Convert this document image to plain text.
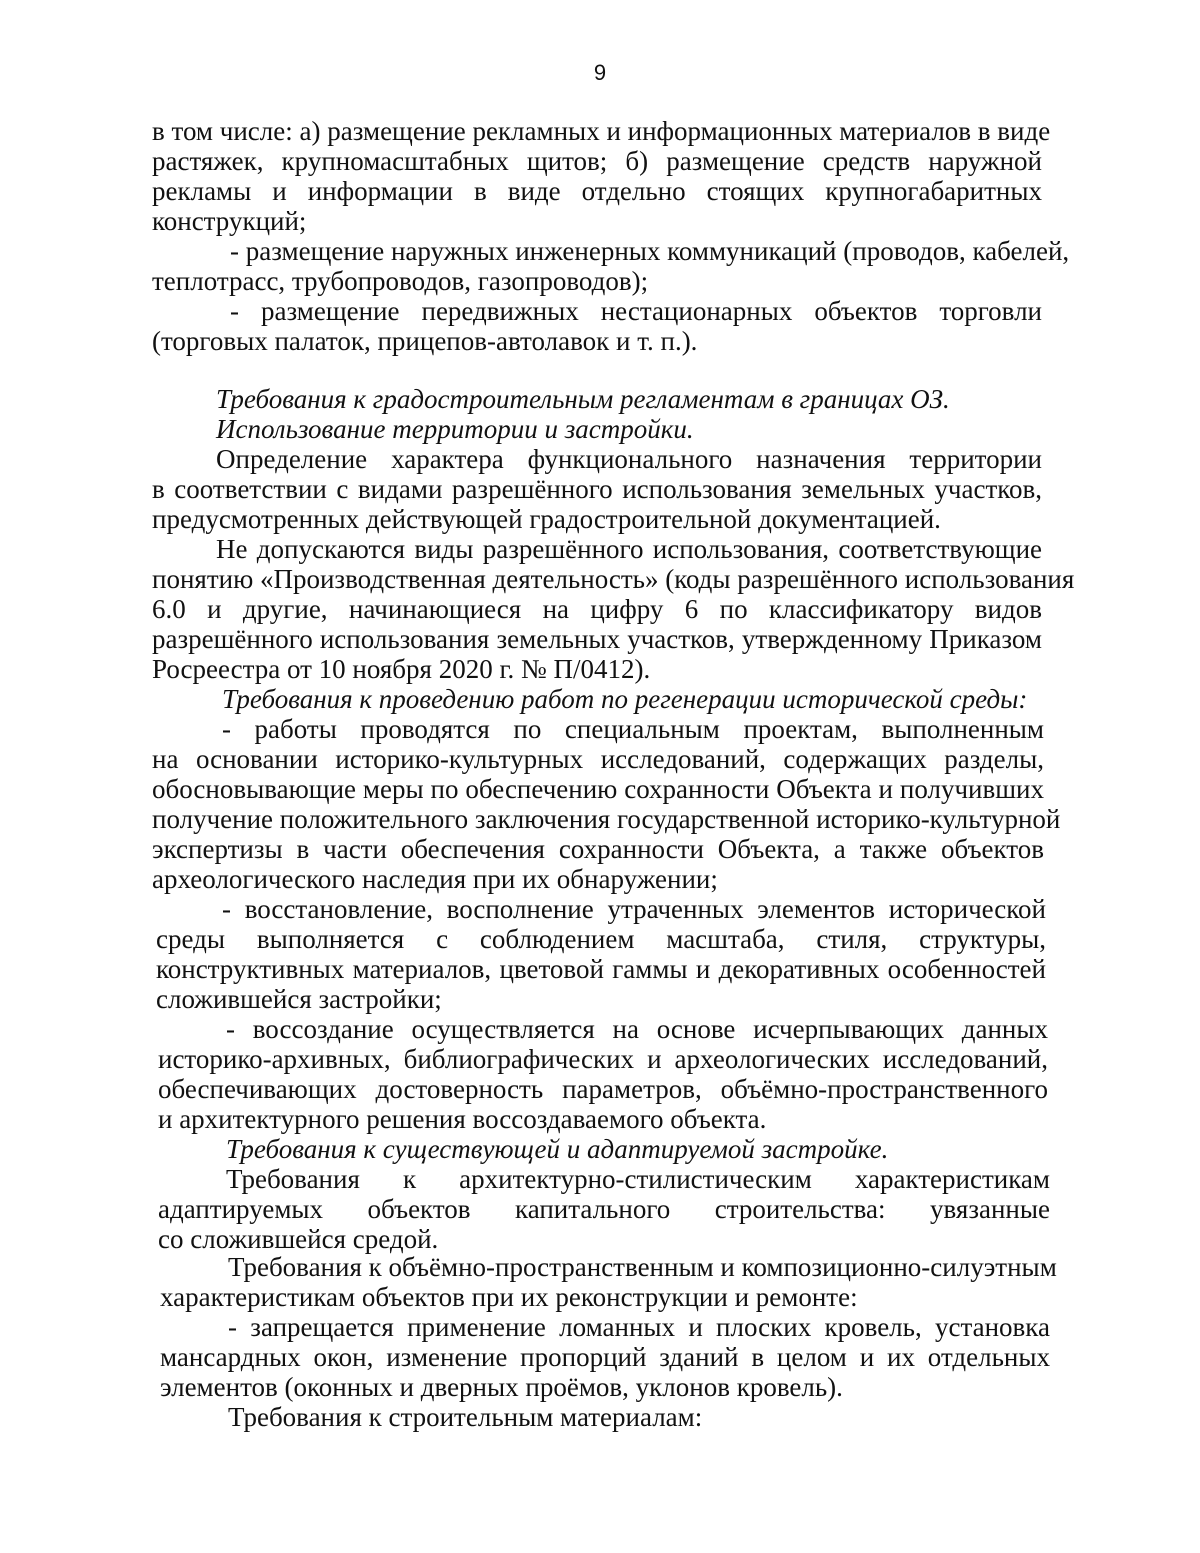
9
в том числе: а) размещение рекламных и информационных материалов в виде
растяжек, крупномасштабных щитов; б) размещение средств наружной
рекламы и информации в виде отдельно стоящих крупногабаритных
конструкций;
- размещение наружных инженерных коммуникаций (проводов, кабелей,
теплотрасс, трубопроводов, газопроводов);
- размещение передвижных нестационарных объектов торговли
(торговых палаток, прицепов-автолавок и т. п.).
Требования к градостроительным регламентам в границах ОЗ.
Использование территории и застройки.
Определение характера функционального назначения территории
в соответствии с видами разрешённого использования земельных участков,
предусмотренных действующей градостроительной документацией.
Не допускаются виды разрешённого использования, соответствующие
понятию «Производственная деятельность» (коды разрешённого использования
6.0 и другие, начинающиеся на цифру 6 по классификатору видов
разрешённого использования земельных участков, утвержденному Приказом
Росреестра от 10 ноября 2020 г. № П/0412).
Требования к проведению работ по регенерации исторической среды:
- работы проводятся по специальным проектам, выполненным
на основании историко-культурных исследований, содержащих разделы,
обосновывающие меры по обеспечению сохранности Объекта и получивших
получение положительного заключения государственной историко-культурной
экспертизы в части обеспечения сохранности Объекта, а также объектов
археологического наследия при их обнаружении;
- восстановление, восполнение утраченных элементов исторической
среды выполняется с соблюдением масштаба, стиля, структуры,
конструктивных материалов, цветовой гаммы и декоративных особенностей
сложившейся застройки;
- воссоздание осуществляется на основе исчерпывающих данных
историко-архивных, библиографических и археологических исследований,
обеспечивающих достоверность параметров, объёмно-пространственного
и архитектурного решения воссоздаваемого объекта.
Требования к существующей и адаптируемой застройке.
Требования к архитектурно-стилистическим характеристикам
адаптируемых объектов капитального строительства: увязанные
со сложившейся средой.
Требования к объёмно-пространственным и композиционно-силуэтным
характеристикам объектов при их реконструкции и ремонте:
- запрещается применение ломанных и плоских кровель, установка
мансардных окон, изменение пропорций зданий в целом и их отдельных
элементов (оконных и дверных проёмов, уклонов кровель).
Требования к строительным материалам:
